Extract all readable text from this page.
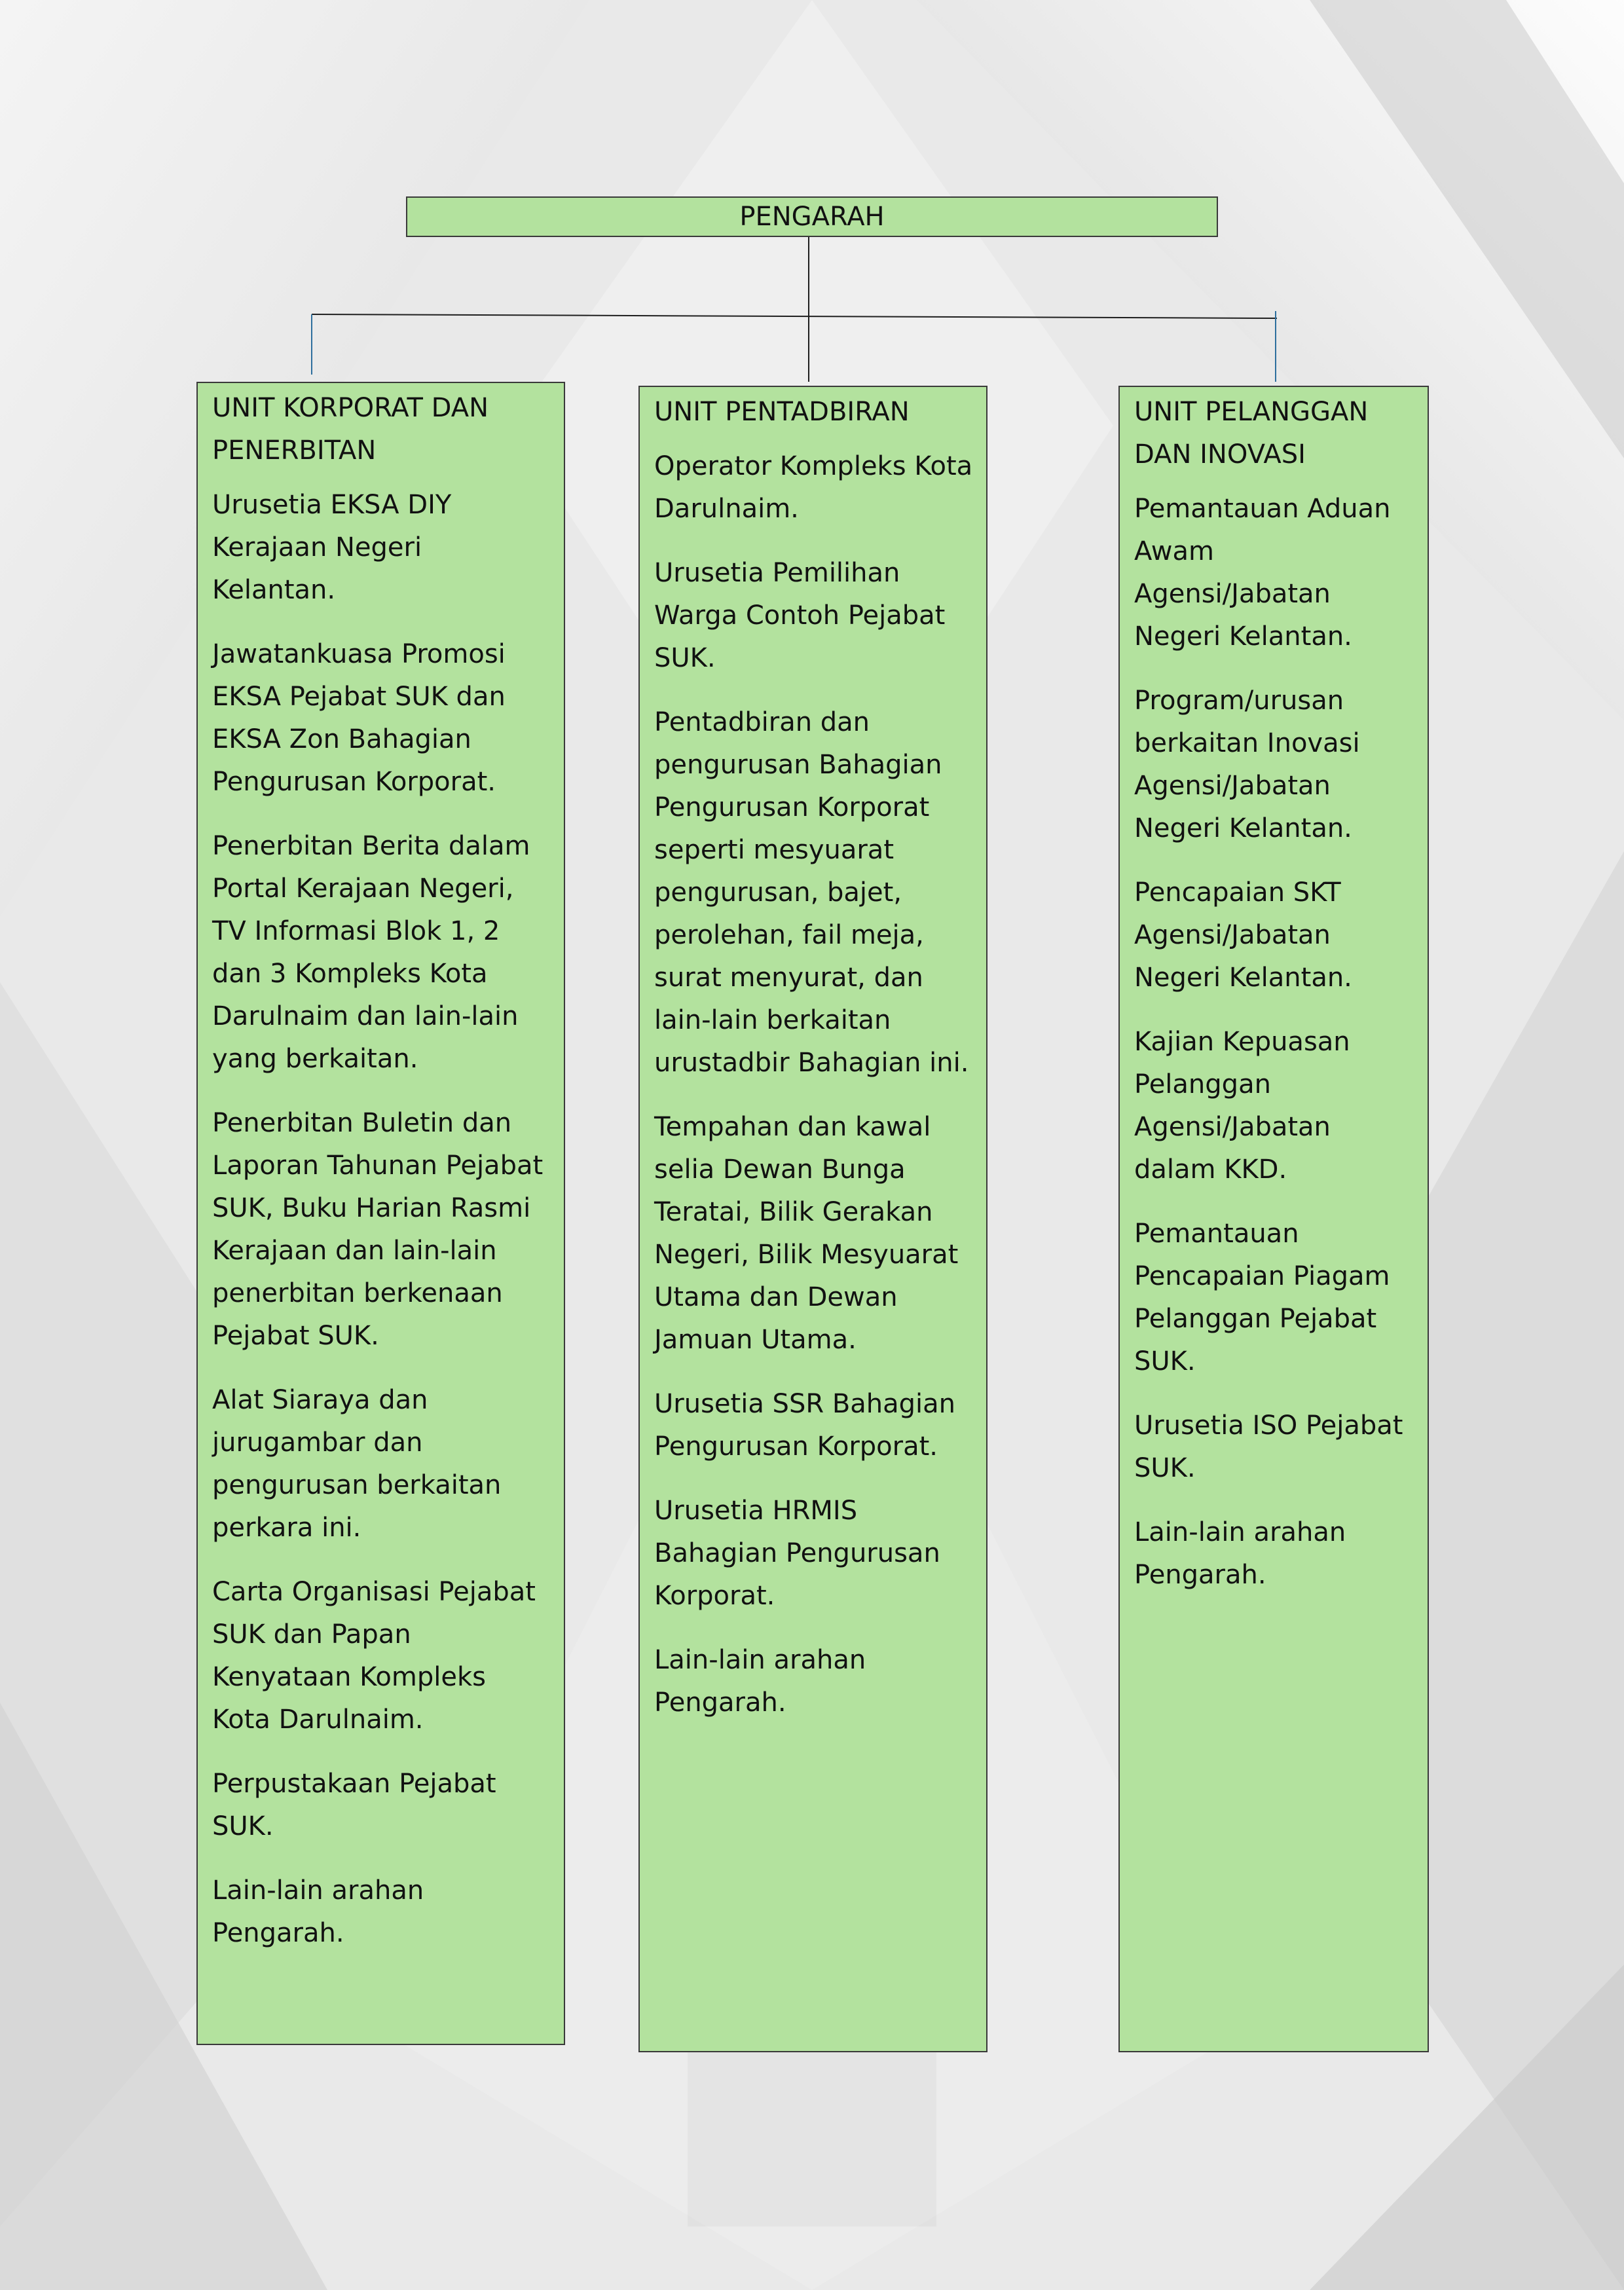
PENGARAH
UNIT KORPORAT DAN PENERBITAN

Urusetia EKSA DIY Kerajaan Negeri Kelantan.

Jawatankuasa Promosi EKSA Pejabat SUK dan EKSA Zon Bahagian Pengurusan Korporat.

Penerbitan Berita dalam Portal Kerajaan Negeri, TV Informasi Blok 1, 2 dan 3 Kompleks Kota Darulnaim dan lain-lain yang berkaitan.

Penerbitan Buletin dan Laporan Tahunan Pejabat SUK, Buku Harian Rasmi Kerajaan dan lain-lain penerbitan berkenaan Pejabat SUK.

Alat Siaraya dan jurugambar dan pengurusan berkaitan perkara ini.

Carta Organisasi Pejabat SUK dan Papan Kenyataan Kompleks Kota Darulnaim.

Perpustakaan Pejabat SUK.

Lain-lain arahan Pengarah.

UNIT PENTADBIRAN

Operator Kompleks Kota Darulnaim.

Urusetia Pemilihan Warga Contoh Pejabat SUK.

Pentadbiran dan pengurusan Bahagian Pengurusan Korporat seperti mesyuarat pengurusan, bajet, perolehan, fail meja, surat menyurat, dan lain-lain berkaitan urustadbir Bahagian ini.

Tempahan dan kawal selia Dewan Bunga Teratai, Bilik Gerakan Negeri, Bilik Mesyuarat Utama dan Dewan Jamuan Utama.

Urusetia SSR Bahagian Pengurusan Korporat.

Urusetia HRMIS Bahagian Pengurusan Korporat.

Lain-lain arahan Pengarah.

UNIT PELANGGAN DAN INOVASI

Pemantauan Aduan Awam Agensi/Jabatan Negeri Kelantan.

Program/urusan berkaitan Inovasi Agensi/Jabatan Negeri Kelantan.

Pencapaian SKT Agensi/Jabatan Negeri Kelantan.

Kajian Kepuasan Pelanggan Agensi/Jabatan dalam KKD.

Pemantauan Pencapaian Piagam Pelanggan Pejabat SUK.

Urusetia ISO Pejabat SUK.

Lain-lain arahan Pengarah.
